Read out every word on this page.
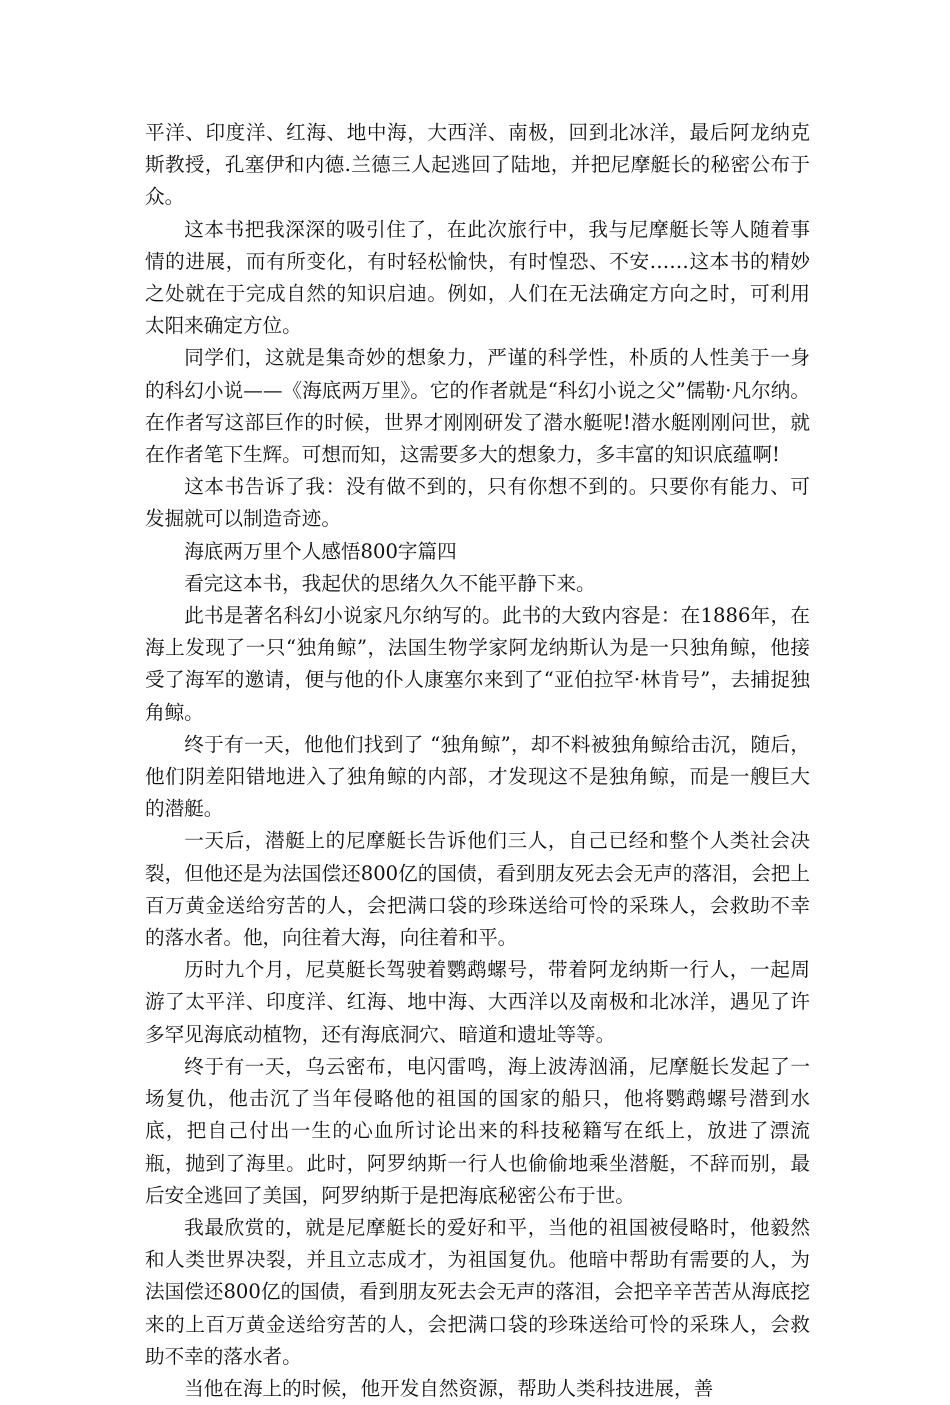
平洋、印度洋、红海、地中海，大西洋、南极，回到北冰洋，最后阿龙纳克斯教授，孔塞伊和内德.兰德三人起逃回了陆地，并把尼摩艇长的秘密公布于众。

这本书把我深深的吸引住了，在此次旅行中，我与尼摩艇长等人随着事情的进展，而有所变化，有时轻松愉快，有时惶恐、不安……这本书的精妙之处就在于完成自然的知识启迪。例如，人们在无法确定方向之时，可利用太阳来确定方位。

同学们，这就是集奇妙的想象力，严谨的科学性，朴质的人性美于一身的科幻小说——《海底两万里》。它的作者就是“科幻小说之父”儒勒·凡尔纳。在作者写这部巨作的时候，世界才刚刚研发了潜水艇呢!潜水艇刚刚问世，就在作者笔下生辉。可想而知，这需要多大的想象力，多丰富的知识底蕴啊!

这本书告诉了我：没有做不到的，只有你想不到的。只要你有能力、可发掘就可以制造奇迹。

海底两万里个人感悟800字篇四

看完这本书，我起伏的思绪久久不能平静下来。

此书是著名科幻小说家凡尔纳写的。此书的大致内容是：在1886年，在海上发现了一只“独角鲸”，法国生物学家阿龙纳斯认为是一只独角鲸，他接受了海军的邀请，便与他的仆人康塞尔来到了“亚伯拉罕·林肯号”，去捕捉独角鲸。

终于有一天，他他们找到了 “独角鲸”，却不料被独角鲸给击沉，随后，他们阴差阳错地进入了独角鲸的内部，才发现这不是独角鲸，而是一艘巨大的潜艇。

一天后，潜艇上的尼摩艇长告诉他们三人，自己已经和整个人类社会决裂，但他还是为法国偿还800亿的国债，看到朋友死去会无声的落泪，会把上百万黄金送给穷苦的人，会把满口袋的珍珠送给可怜的采珠人，会救助不幸的落水者。他，向往着大海，向往着和平。

历时九个月，尼莫艇长驾驶着鹦鹉螺号，带着阿龙纳斯一行人，一起周游了太平洋、印度洋、红海、地中海、大西洋以及南极和北冰洋，遇见了许多罕见海底动植物，还有海底洞穴、暗道和遗址等等。

终于有一天，乌云密布，电闪雷鸣，海上波涛汹涌，尼摩艇长发起了一场复仇，他击沉了当年侵略他的祖国的国家的船只，他将鹦鹉螺号潜到水底，把自己付出一生的心血所讨论出来的科技秘籍写在纸上，放进了漂流瓶，抛到了海里。此时，阿罗纳斯一行人也偷偷地乘坐潜艇，不辞而别，最后安全逃回了美国，阿罗纳斯于是把海底秘密公布于世。

我最欣赏的，就是尼摩艇长的爱好和平，当他的祖国被侵略时，他毅然和人类世界决裂，并且立志成才，为祖国复仇。他暗中帮助有需要的人，为法国偿还800亿的国债，看到朋友死去会无声的落泪，会把辛辛苦苦从海底挖来的上百万黄金送给穷苦的人，会把满口袋的珍珠送给可怜的采珠人，会救助不幸的落水者。

当他在海上的时候，他开发自然资源，帮助人类科技进展，善
